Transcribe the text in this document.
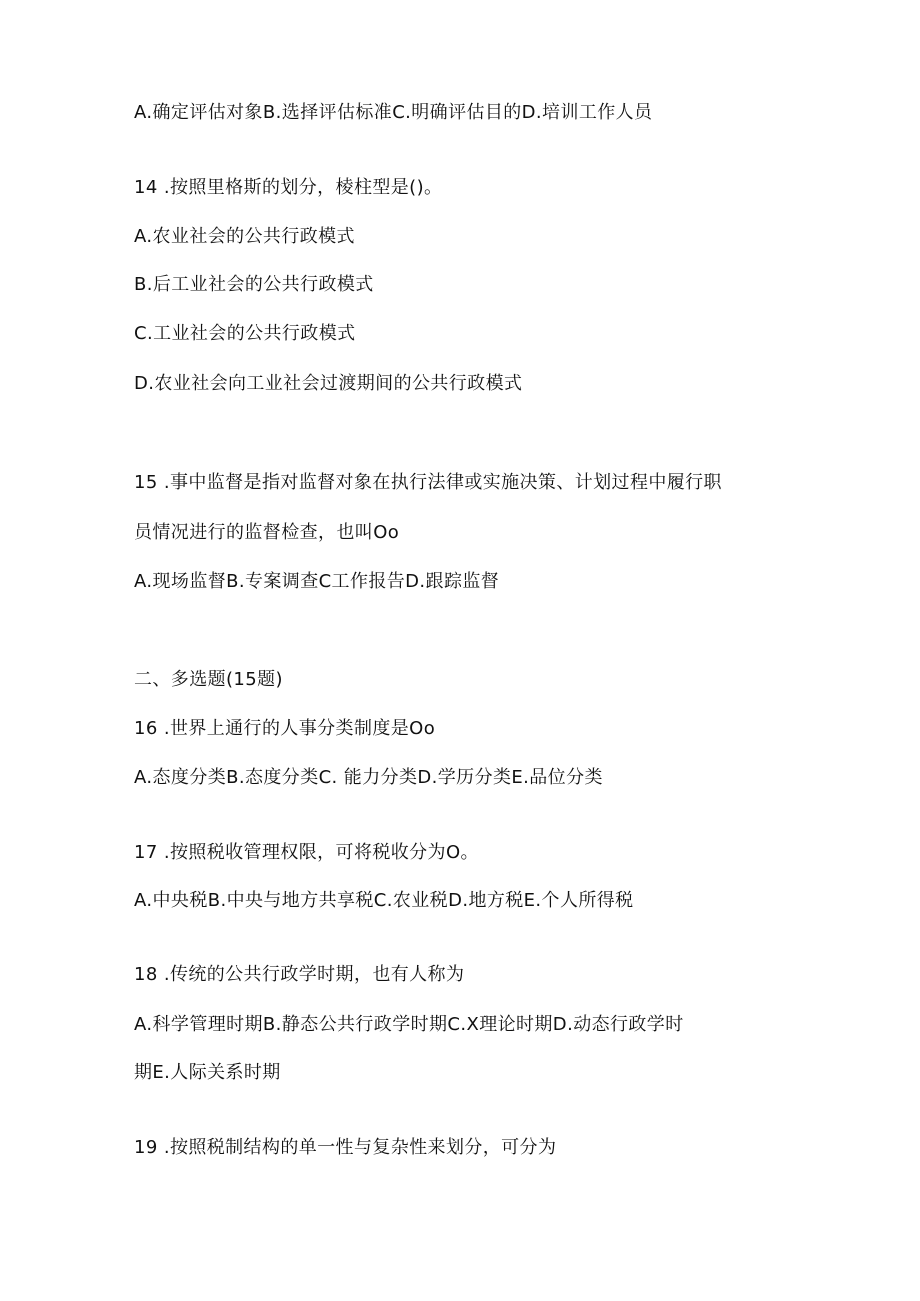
A.确定评估对象B.选择评估标准C.明确评估目的D.培训工作人员
14 .按照里格斯的划分，棱柱型是()。
A.农业社会的公共行政模式
B.后工业社会的公共行政模式
C.工业社会的公共行政模式
D.农业社会向工业社会过渡期间的公共行政模式
15 .事中监督是指对监督对象在执行法律或实施决策、计划过程中履行职
员情况进行的监督检查，也叫Oo
A.现场监督B.专案调查C工作报告D.跟踪监督
二、多选题(15题)
16 .世界上通行的人事分类制度是Oo
A.态度分类B.态度分类C. 能力分类D.学历分类E.品位分类
17 .按照税收管理权限，可将税收分为O。
A.中央税B.中央与地方共享税C.农业税D.地方税E.个人所得税
18 .传统的公共行政学时期，也有人称为
A.科学管理时期B.静态公共行政学时期C.X理论时期D.动态行政学时
期E.人际关系时期
19 .按照税制结构的单一性与复杂性来划分，可分为
